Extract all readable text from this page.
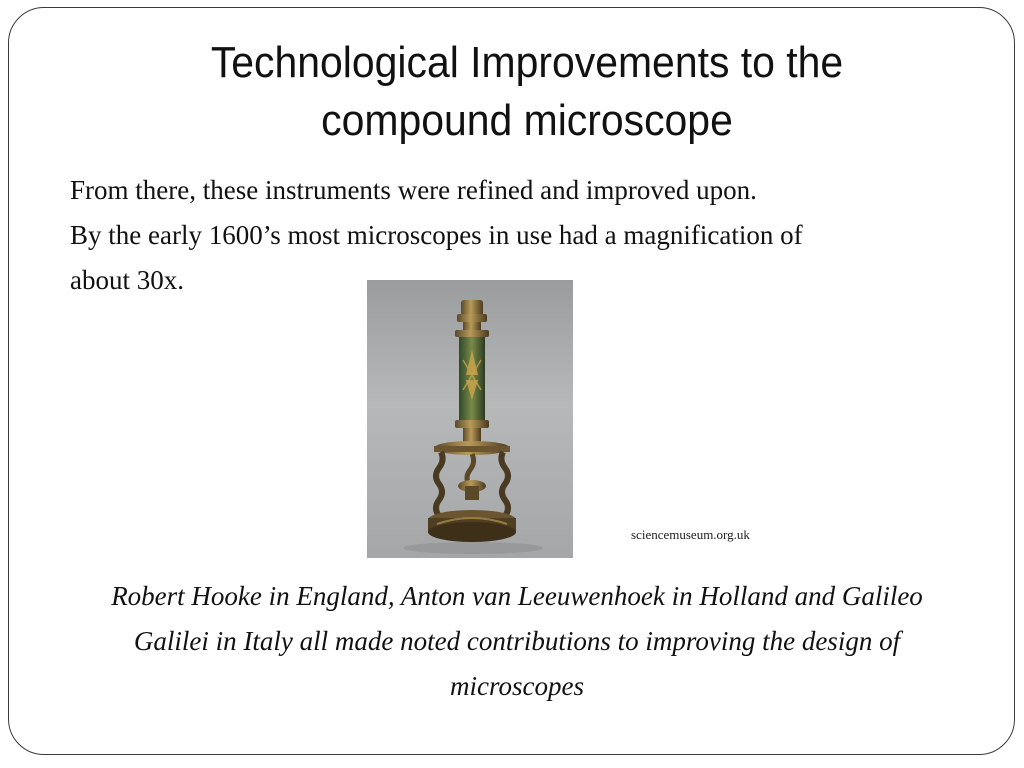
Technological Improvements to the
compound microscope

From there, these instruments were refined and improved upon.
By the early 1600’s most microscopes in use had a magnification of
about 30x.

sciencemuseum.org.uk

Robert Hooke in England, Anton van Leeuwenhoek in Holland and Galileo
Galilei in Italy all made noted contributions to improving the design of
microscopes
